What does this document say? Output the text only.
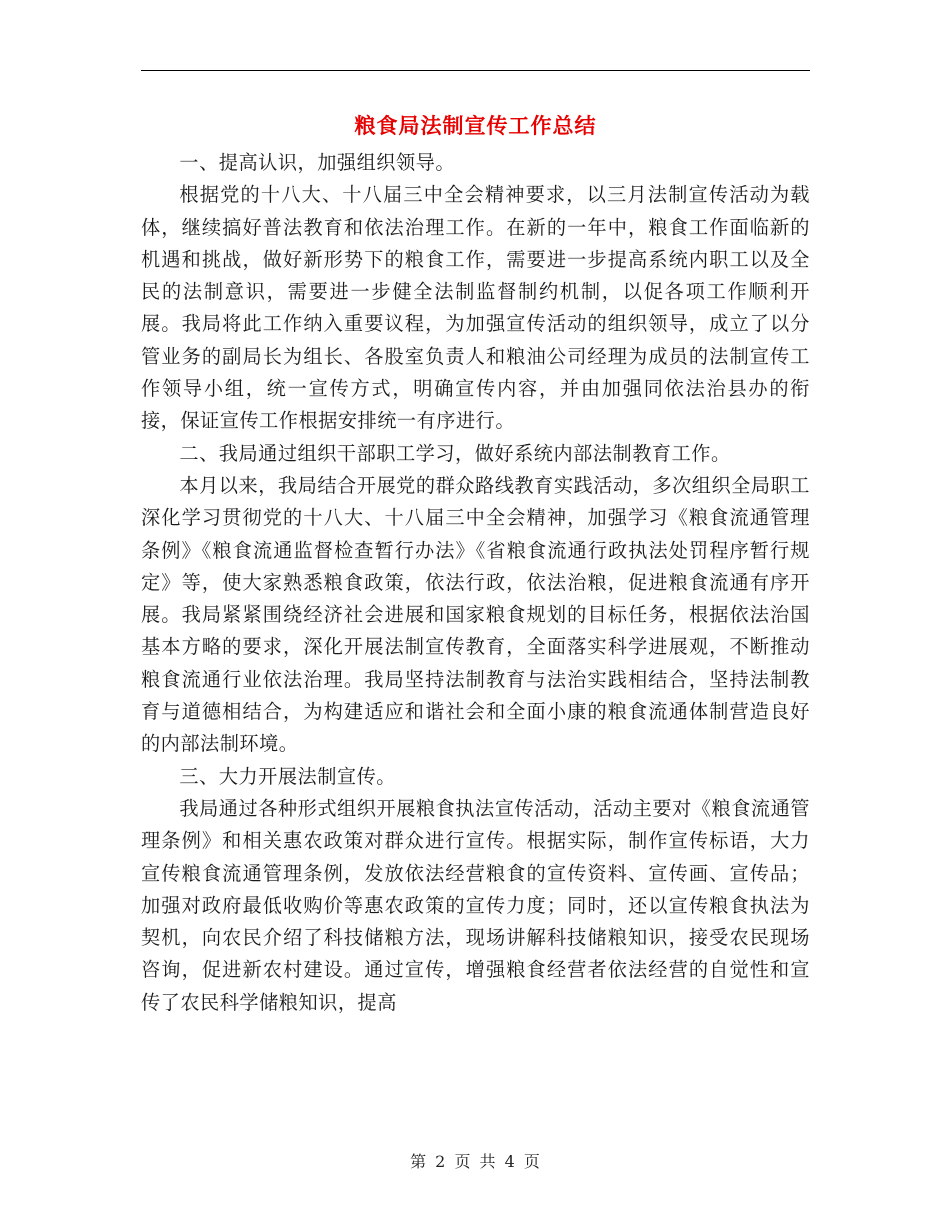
粮食局法制宣传工作总结

一、提高认识，加强组织领导。

根据党的十八大、十八届三中全会精神要求，以三月法制宣传活动为载体，继续搞好普法教育和依法治理工作。在新的一年中，粮食工作面临新的机遇和挑战，做好新形势下的粮食工作，需要进一步提高系统内职工以及全民的法制意识，需要进一步健全法制监督制约机制，以促各项工作顺利开展。我局将此工作纳入重要议程，为加强宣传活动的组织领导，成立了以分管业务的副局长为组长、各股室负责人和粮油公司经理为成员的法制宣传工作领导小组，统一宣传方式，明确宣传内容，并由加强同依法治县办的衔接，保证宣传工作根据安排统一有序进行。

二、我局通过组织干部职工学习，做好系统内部法制教育工作。

本月以来，我局结合开展党的群众路线教育实践活动，多次组织全局职工深化学习贯彻党的十八大、十八届三中全会精神，加强学习《粮食流通管理条例》《粮食流通监督检查暂行办法》《省粮食流通行政执法处罚程序暂行规定》等，使大家熟悉粮食政策，依法行政，依法治粮，促进粮食流通有序开展。我局紧紧围绕经济社会进展和国家粮食规划的目标任务，根据依法治国基本方略的要求，深化开展法制宣传教育，全面落实科学进展观，不断推动粮食流通行业依法治理。我局坚持法制教育与法治实践相结合，坚持法制教育与道德相结合，为构建适应和谐社会和全面小康的粮食流通体制营造良好的内部法制环境。

三、大力开展法制宣传。

我局通过各种形式组织开展粮食执法宣传活动，活动主要对《粮食流通管理条例》和相关惠农政策对群众进行宣传。根据实际，制作宣传标语，大力宣传粮食流通管理条例，发放依法经营粮食的宣传资料、宣传画、宣传品；加强对政府最低收购价等惠农政策的宣传力度；同时，还以宣传粮食执法为契机，向农民介绍了科技储粮方法，现场讲解科技储粮知识，接受农民现场咨询，促进新农村建设。通过宣传，增强粮食经营者依法经营的自觉性和宣传了农民科学储粮知识，提高

第 2 页 共 4 页
